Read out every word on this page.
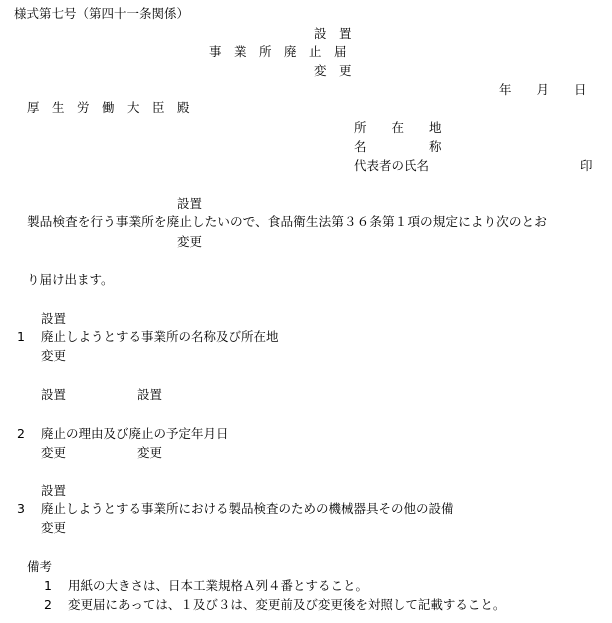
様式第七号（第四十一条関係）
設　置
事　業　所　廃　止　届
変　更
年　　月　　日
厚　生　労　働　大　臣　殿
所　　在　　地
名　　　　　称
代表者の氏名	印
設置
製品検査を行う事業所を廃止したいので、食品衛生法第３６条第１項の規定により次のとお
変更
り届け出ます。
設置
1 廃止しようとする事業所の名称及び所在地
変更
設置	設置
2 廃止の理由及び廃止の予定年月日
変更	変更
設置
3 廃止しようとする事業所における製品検査のための機械器具その他の設備
変更
備考
1 用紙の大きさは、日本工業規格Ａ列４番とすること。
2 変更届にあっては、１及び３は、変更前及び変更後を対照して記載すること。
